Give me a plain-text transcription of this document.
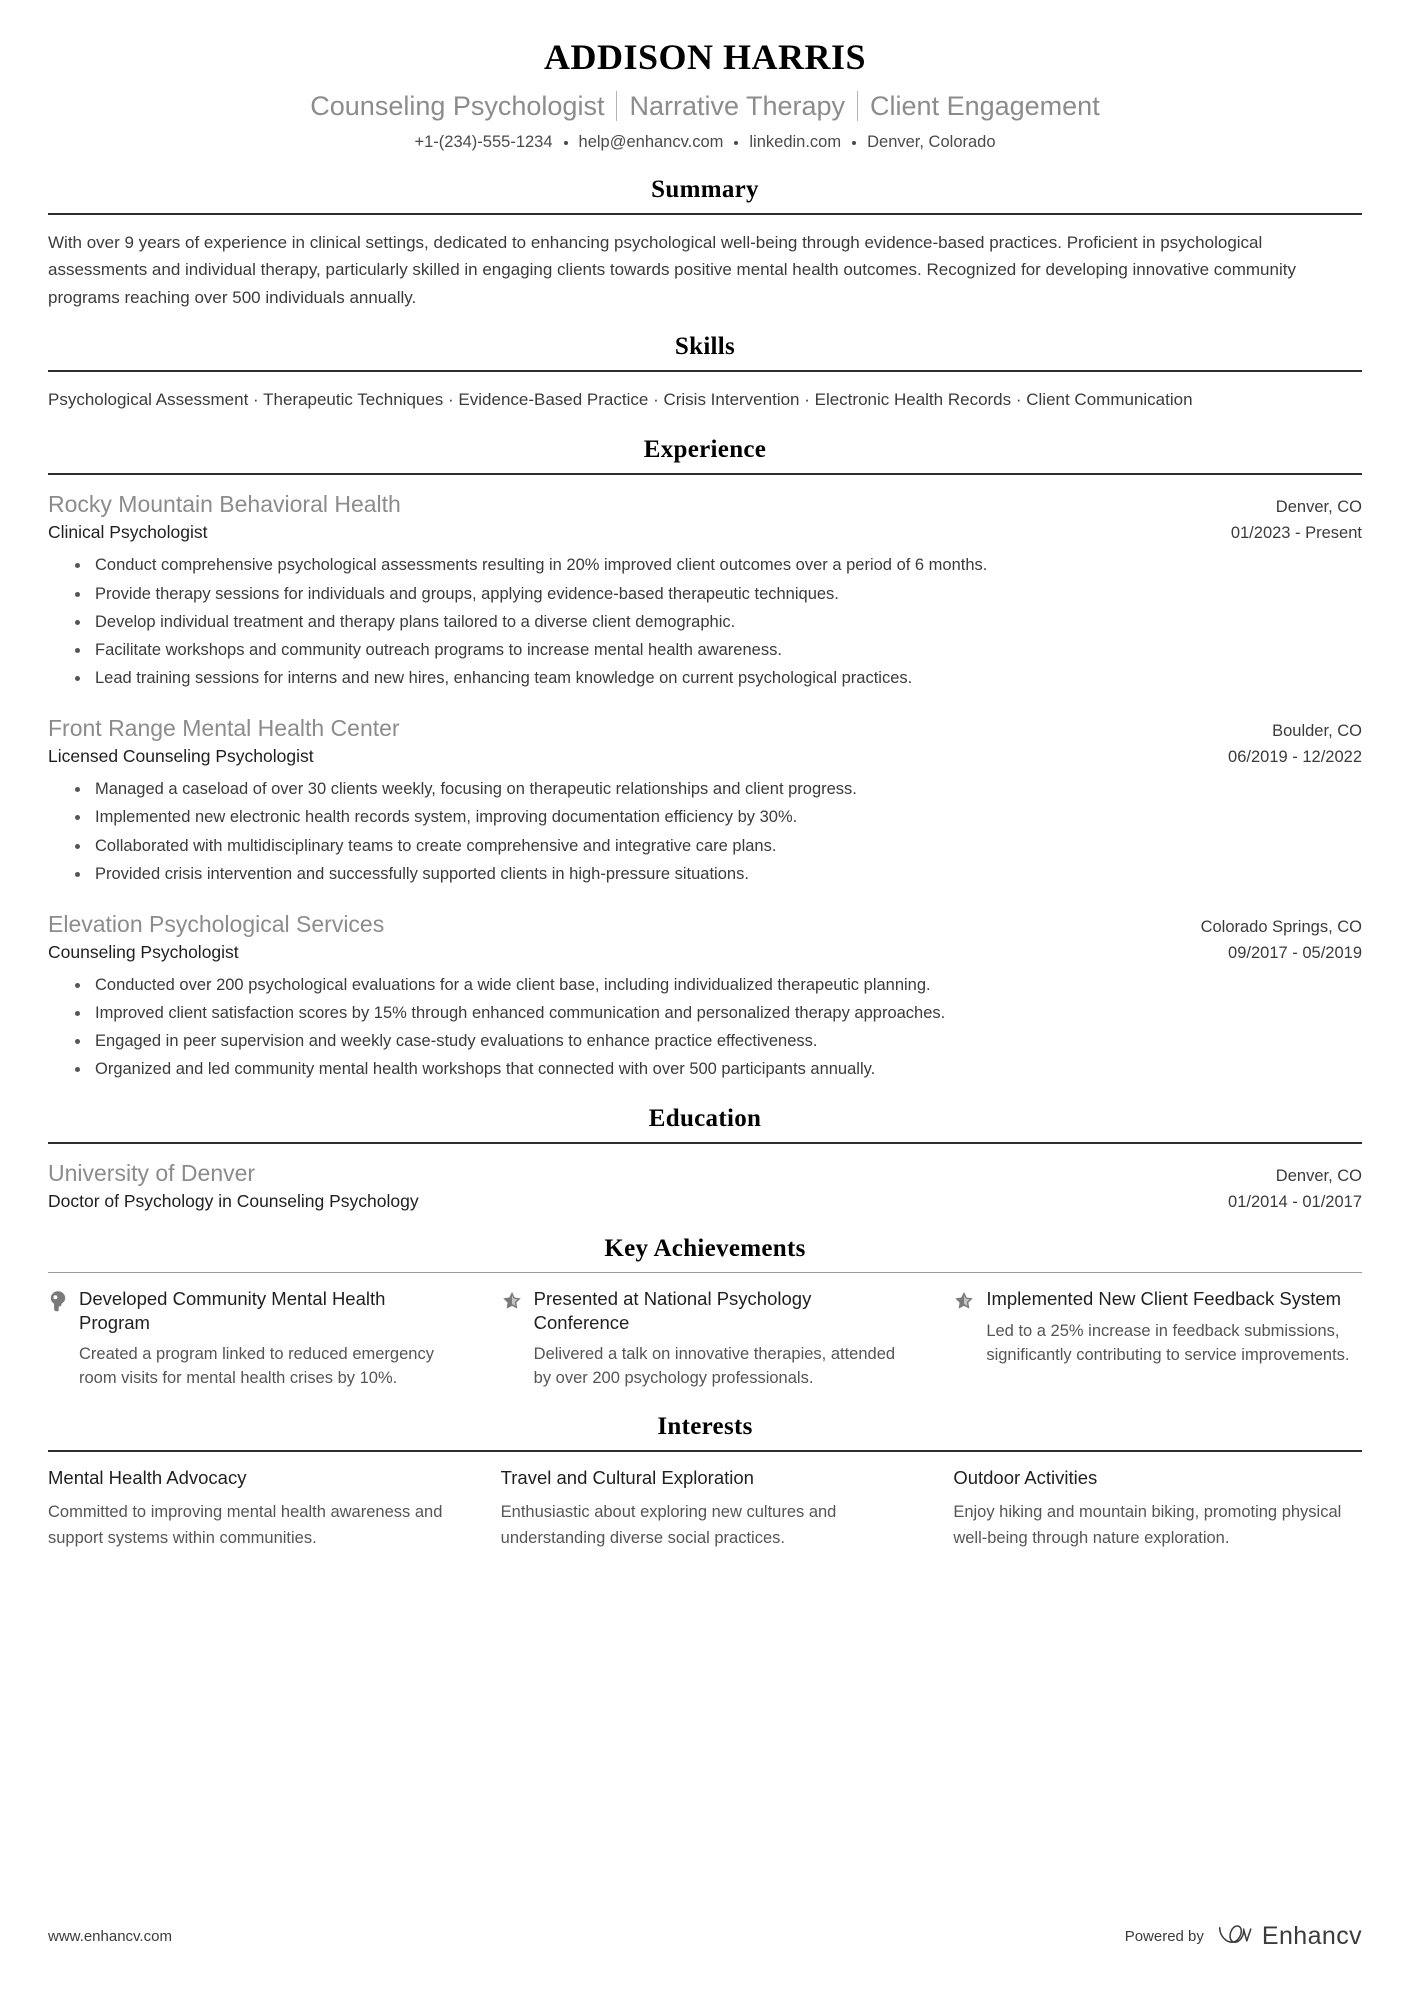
ADDISON HARRIS
Counseling Psychologist Narrative Therapy Client Engagement
+1-(234)-555-1234 help@enhancv.com linkedin.com Denver, Colorado
Summary
With over 9 years of experience in clinical settings, dedicated to enhancing psychological well-being through evidence-based practices. Proficient in psychological assessments and individual therapy, particularly skilled in engaging clients towards positive mental health outcomes. Recognized for developing innovative community programs reaching over 500 individuals annually.
Skills
Psychological Assessment · Therapeutic Techniques · Evidence-Based Practice · Crisis Intervention · Electronic Health Records · Client Communication
Experience
Rocky Mountain Behavioral Health	Denver, CO
Clinical Psychologist	01/2023 - Present
Conduct comprehensive psychological assessments resulting in 20% improved client outcomes over a period of 6 months.
Provide therapy sessions for individuals and groups, applying evidence-based therapeutic techniques.
Develop individual treatment and therapy plans tailored to a diverse client demographic.
Facilitate workshops and community outreach programs to increase mental health awareness.
Lead training sessions for interns and new hires, enhancing team knowledge on current psychological practices.
Front Range Mental Health Center	Boulder, CO
Licensed Counseling Psychologist	06/2019 - 12/2022
Managed a caseload of over 30 clients weekly, focusing on therapeutic relationships and client progress.
Implemented new electronic health records system, improving documentation efficiency by 30%.
Collaborated with multidisciplinary teams to create comprehensive and integrative care plans.
Provided crisis intervention and successfully supported clients in high-pressure situations.
Elevation Psychological Services	Colorado Springs, CO
Counseling Psychologist	09/2017 - 05/2019
Conducted over 200 psychological evaluations for a wide client base, including individualized therapeutic planning.
Improved client satisfaction scores by 15% through enhanced communication and personalized therapy approaches.
Engaged in peer supervision and weekly case-study evaluations to enhance practice effectiveness.
Organized and led community mental health workshops that connected with over 500 participants annually.
Education
University of Denver	Denver, CO
Doctor of Psychology in Counseling Psychology	01/2014 - 01/2017
Key Achievements
Developed Community Mental Health Program
Created a program linked to reduced emergency room visits for mental health crises by 10%.
Presented at National Psychology Conference
Delivered a talk on innovative therapies, attended by over 200 psychology professionals.
Implemented New Client Feedback System
Led to a 25% increase in feedback submissions, significantly contributing to service improvements.
Interests
Mental Health Advocacy
Committed to improving mental health awareness and support systems within communities.
Travel and Cultural Exploration
Enthusiastic about exploring new cultures and understanding diverse social practices.
Outdoor Activities
Enjoy hiking and mountain biking, promoting physical well-being through nature exploration.
www.enhancv.com	Powered by Enhancv
